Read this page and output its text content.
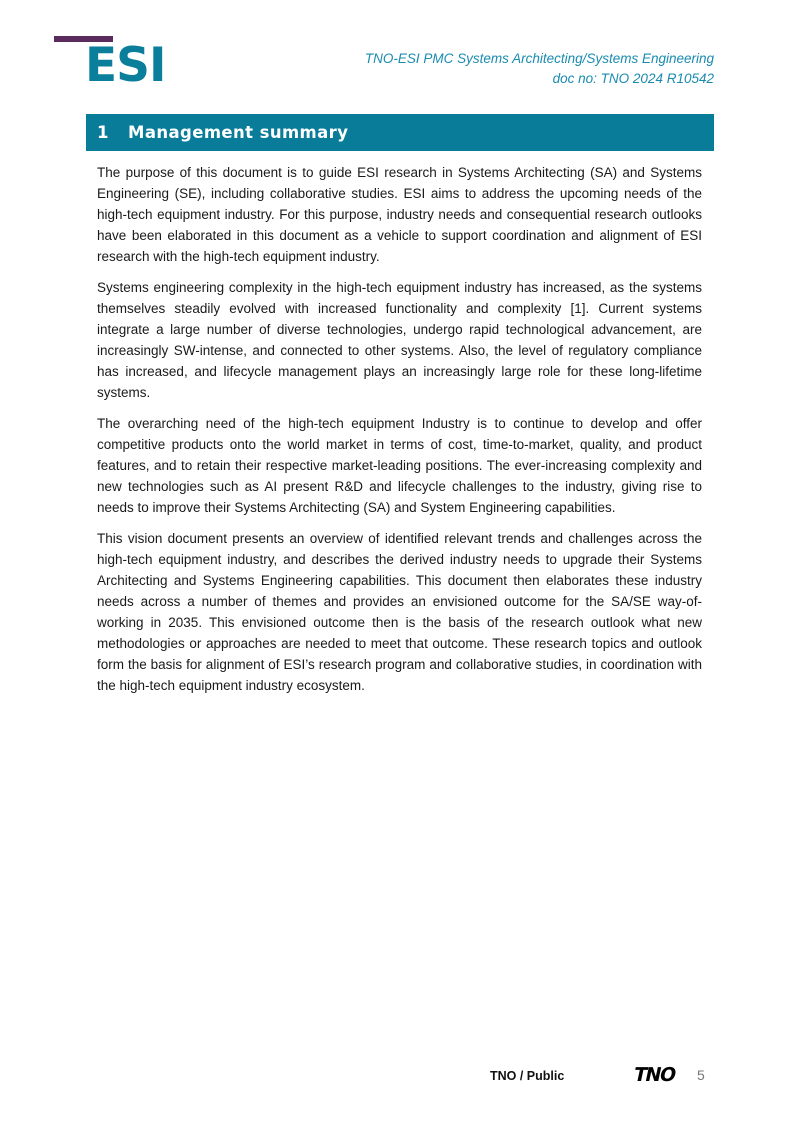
ESI	TNO-ESI PMC Systems Architecting/Systems Engineering
doc no: TNO 2024 R10542
1	Management summary

The purpose of this document is to guide ESI research in Systems Architecting (SA) and Systems Engineering (SE), including collaborative studies. ESI aims to address the upcoming needs of the high-tech equipment industry. For this purpose, industry needs and consequential research outlooks have been elaborated in this document as a vehicle to support coordination and alignment of ESI research with the high-tech equipment industry.

Systems engineering complexity in the high-tech equipment industry has increased, as the systems themselves steadily evolved with increased functionality and complexity [1]. Current systems integrate a large number of diverse technologies, undergo rapid technological advancement, are increasingly SW-intense, and connected to other systems. Also, the level of regulatory compliance has increased, and lifecycle management plays an increasingly large role for these long-lifetime systems.

The overarching need of the high-tech equipment Industry is to continue to develop and offer competitive products onto the world market in terms of cost, time-to-market, quality, and product features, and to retain their respective market-leading positions. The ever-increasing complexity and new technologies such as AI present R&D and lifecycle challenges to the industry, giving rise to needs to improve their Systems Architecting (SA) and System Engineering capabilities.

This vision document presents an overview of identified relevant trends and challenges across the high-tech equipment industry, and describes the derived industry needs to upgrade their Systems Architecting and Systems Engineering capabilities. This document then elaborates these industry needs across a number of themes and provides an envisioned outcome for the SA/SE way-of-working in 2035. This envisioned outcome then is the basis of the research outlook what new methodologies or approaches are needed to meet that outcome. These research topics and outlook form the basis for alignment of ESI’s research program and collaborative studies, in coordination with the high-tech equipment industry ecosystem.

TNO / Public	TNO 5
